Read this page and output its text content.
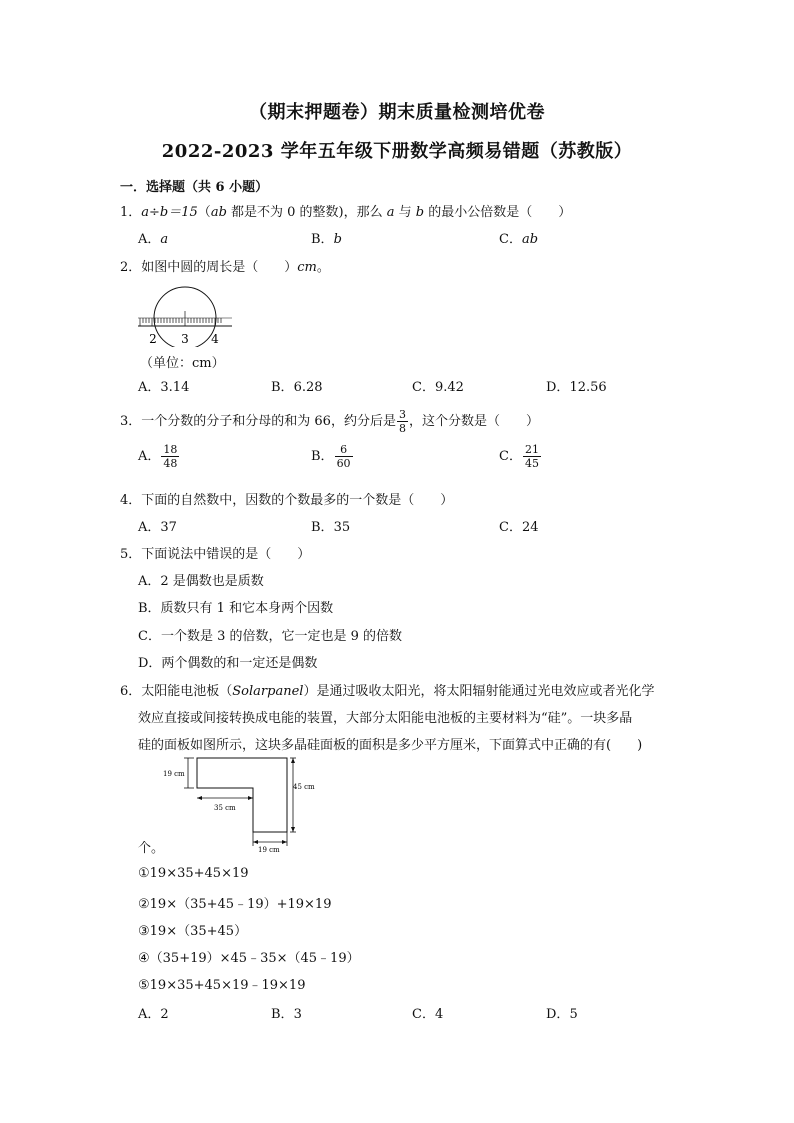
（期末押题卷）期末质量检测培优卷
2022-2023 学年五年级下册数学高频易错题（苏教版）
一．选择题（共 6 小题）
1．a÷b＝15（ab 都是不为 0 的整数)，那么 a 与 b 的最小公倍数是（　　）
A．a	B．b	C．ab
2．如图中圆的周长是（　　）cm。
2 3 4
（单位：cm）
A．3.14	B．6.28	C．9.42	D．12.56
3．一个分数的分子和分母的和为 66，约分后是 $\frac{3}{8}$ ，这个分数是（　　）
A． $\frac{18}{48}$	B． $\frac{6}{60}$	C． $\frac{21}{45}$
4．下面的自然数中，因数的个数最多的一个数是（　　）
A．37	B．35	C．24
5．下面说法中错误的是（　　）
A．2 是偶数也是质数
B．质数只有 1 和它本身两个因数
C．一个数是 3 的倍数，它一定也是 9 的倍数
D．两个偶数的和一定还是偶数
6．太阳能电池板（Solarpanel）是通过吸收太阳光，将太阳辐射能通过光电效应或者光化学
效应直接或间接转换成电能的装置，大部分太阳能电池板的主要材料为“硅”。一块多晶
硅的面板如图所示，这块多晶硅面板的面积是多少平方厘米，下面算式中正确的有(　　)
19 cm
35 cm
45 cm
19 cm
个。
①19×35+45×19
②19×（35+45﹣19）+19×19
③19×（35+45）
④（35+19）×45﹣35×（45﹣19）
⑤19×35+45×19﹣19×19
A．2	B．3	C．4	D．5
